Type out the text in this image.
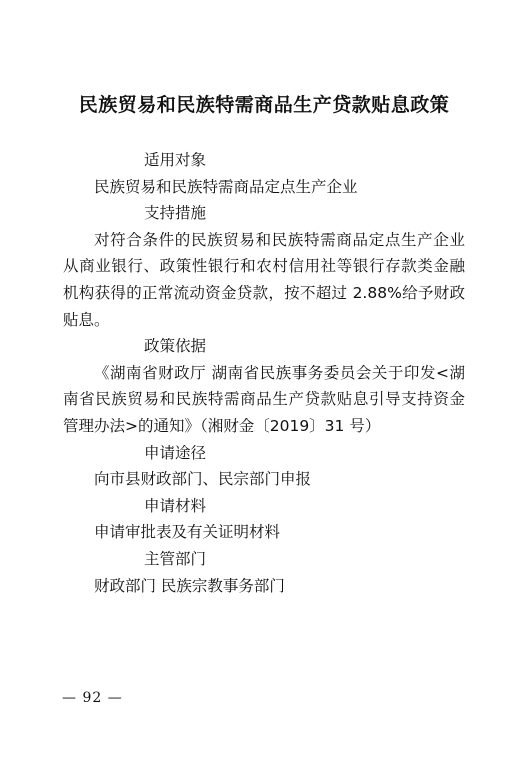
民族贸易和民族特需商品生产贷款贴息政策

适用对象

民族贸易和民族特需商品定点生产企业

支持措施

对符合条件的民族贸易和民族特需商品定点生产企业从商业银行、政策性银行和农村信用社等银行存款类金融机构获得的正常流动资金贷款，按不超过 2.88%给予财政贴息。

政策依据

《湖南省财政厅 湖南省民族事务委员会关于印发<湖南省民族贸易和民族特需商品生产贷款贴息引导支持资金管理办法>的通知》（湘财金〔2019〕31 号）

申请途径

向市县财政部门、民宗部门申报

申请材料

申请审批表及有关证明材料

主管部门

财政部门 民族宗教事务部门

— 92 —
